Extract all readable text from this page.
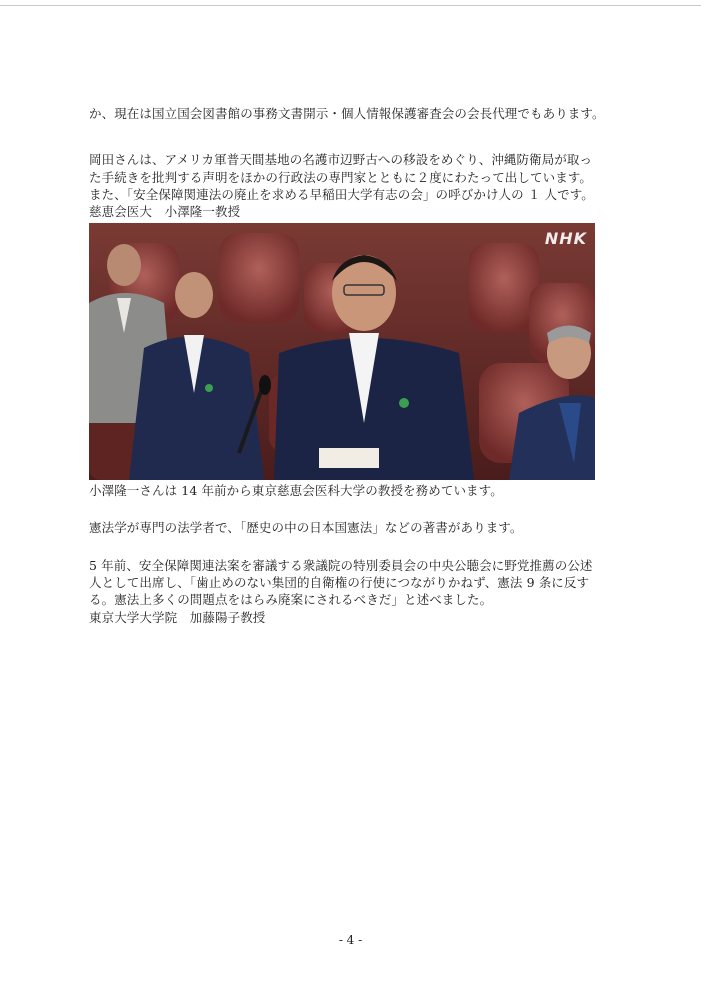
か、現在は国立国会図書館の事務文書開示・個人情報保護審査会の会長代理でもあります。
岡田さんは、アメリカ軍普天間基地の名護市辺野古への移設をめぐり、沖縄防衛局が取っ
た手続きを批判する声明をほかの行政法の専門家とともに２度にわたって出しています。
また、「安全保障関連法の廃止を求める早稲田大学有志の会」の呼びかけ人の １ 人です。
慈恵会医大　小澤隆一教授
NHK
小澤隆一さんは 14 年前から東京慈恵会医科大学の教授を務めています。
憲法学が専門の法学者で、「歴史の中の日本国憲法」などの著書があります。
5 年前、安全保障関連法案を審議する衆議院の特別委員会の中央公聴会に野党推薦の公述
人として出席し、「歯止めのない集団的自衛権の行使につながりかねず、憲法 9 条に反す
る。憲法上多くの問題点をはらみ廃案にされるべきだ」と述べました。
東京大学大学院　加藤陽子教授
- 4 -
